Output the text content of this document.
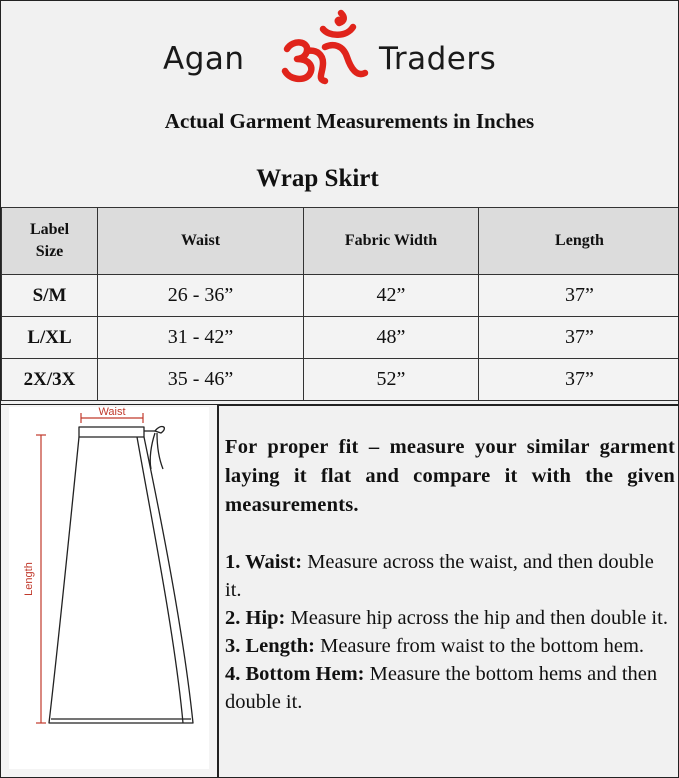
Agan	Traders
Actual Garment Measurements in Inches
Wrap Skirt
Label Size	Waist	Fabric Width	Length
S/M	26 - 36”	42”	37”
L/XL	31 - 42”	48”	37”
2X/3X	35 - 46”	52”	37”
Waist
Length

For proper fit – measure your similar garment laying it flat and compare it with the given measurements.

1. Waist: Measure across the waist, and then double it.

2. Hip: Measure hip across the hip and then double it.

3. Length: Measure from waist to the bottom hem.

4. Bottom Hem: Measure the bottom hems and then double it.
